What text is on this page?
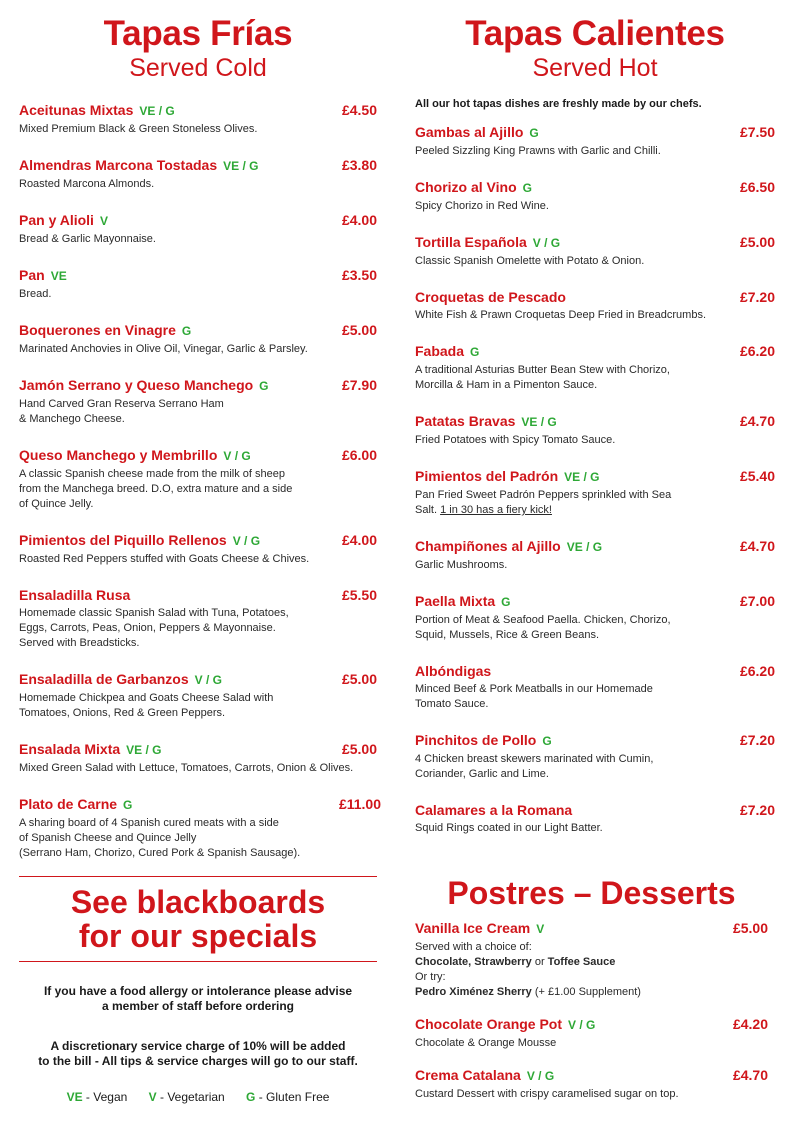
Tapas Frías
Served Cold
Aceitunas Mixtas VE / G	£4.50
Mixed Premium Black & Green Stoneless Olives.
Almendras Marcona Tostadas VE / G	£3.80
Roasted Marcona Almonds.
Pan y Alioli V	£4.00
Bread & Garlic Mayonnaise.
Pan VE	£3.50
Bread.
Boquerones en Vinagre G	£5.00
Marinated Anchovies in Olive Oil, Vinegar, Garlic & Parsley.
Jamón Serrano y Queso Manchego G	£7.90
Hand Carved Gran Reserva Serrano Ham
& Manchego Cheese.
Queso Manchego y Membrillo V / G	£6.00
A classic Spanish cheese made from the milk of sheep
from the Manchega breed. D.O, extra mature and a side
of Quince Jelly.
Pimientos del Piquillo Rellenos V / G	£4.00
Roasted Red Peppers stuffed with Goats Cheese & Chives.
Ensaladilla Rusa	£5.50
Homemade classic Spanish Salad with Tuna, Potatoes,
Eggs, Carrots, Peas, Onion, Peppers & Mayonnaise.
Served with Breadsticks.
Ensaladilla de Garbanzos V / G	£5.00
Homemade Chickpea and Goats Cheese Salad with
Tomatoes, Onions, Red & Green Peppers.
Ensalada Mixta VE / G	£5.00
Mixed Green Salad with Lettuce, Tomatoes, Carrots, Onion & Olives.
Plato de Carne G	£11.00
A sharing board of 4 Spanish cured meats with a side
of Spanish Cheese and Quince Jelly
(Serrano Ham, Chorizo, Cured Pork & Spanish Sausage).
Tapas Calientes
Served Hot
All our hot tapas dishes are freshly made by our chefs.
Gambas al Ajillo G	£7.50
Peeled Sizzling King Prawns with Garlic and Chilli.
Chorizo al Vino G	£6.50
Spicy Chorizo in Red Wine.
Tortilla Española V / G	£5.00
Classic Spanish Omelette with Potato & Onion.
Croquetas de Pescado	£7.20
White Fish & Prawn Croquetas Deep Fried in Breadcrumbs.
Fabada G	£6.20
A traditional Asturias Butter Bean Stew with Chorizo,
Morcilla & Ham in a Pimenton Sauce.
Patatas Bravas VE / G	£4.70
Fried Potatoes with Spicy Tomato Sauce.
Pimientos del Padrón VE / G	£5.40
Pan Fried Sweet Padrón Peppers sprinkled with Sea
Salt. 1 in 30 has a fiery kick!
Champiñones al Ajillo VE / G	£4.70
Garlic Mushrooms.
Paella Mixta G	£7.00
Portion of Meat & Seafood Paella. Chicken, Chorizo,
Squid, Mussels, Rice & Green Beans.
Albóndigas	£6.20
Minced Beef & Pork Meatballs in our Homemade
Tomato Sauce.
Pinchitos de Pollo G	£7.20
4 Chicken breast skewers marinated with Cumin,
Coriander, Garlic and Lime.
Calamares a la Romana	£7.20
Squid Rings coated in our Light Batter.
See blackboards
for our specials
If you have a food allergy or intolerance please advise
a member of staff before ordering
A discretionary service charge of 10% will be added
to the bill - All tips & service charges will go to our staff.
VE - Vegan V - Vegetarian G - Gluten Free
Postres – Desserts
Vanilla Ice Cream V	£5.00
Served with a choice of:
Chocolate, Strawberry or Toffee Sauce
Or try:
Pedro Ximénez Sherry (+ £1.00 Supplement)
Chocolate Orange Pot V / G	£4.20
Chocolate & Orange Mousse
Crema Catalana V / G	£4.70
Custard Dessert with crispy caramelised sugar on top.
